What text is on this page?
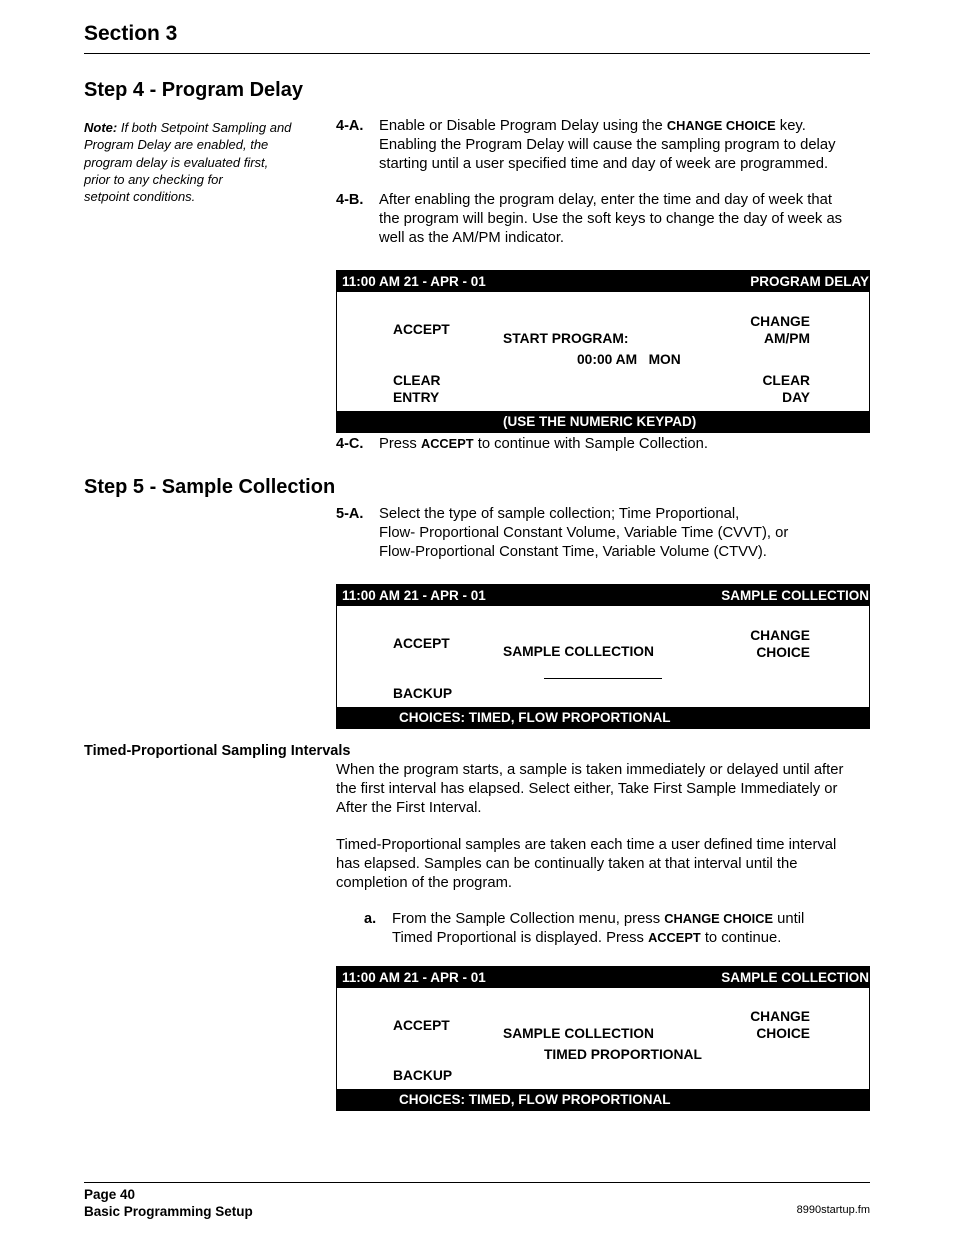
Section 3
Step 4 - Program Delay
Note: If both Setpoint Sampling and
Program Delay are enabled, the
program delay is evaluated first,
prior to any checking for
setpoint conditions.
4-A. Enable or Disable Program Delay using the CHANGE CHOICE key.
Enabling the Program Delay will cause the sampling program to delay
starting until a user specified time and day of week are programmed.
4-B. After enabling the program delay, enter the time and day of week that
the program will begin. Use the soft keys to change the day of week as
well as the AM/PM indicator.
11:00 AM 21 - APR - 01	PROGRAM DELAY
ACCEPT
CLEAR
ENTRY
CHANGE
AM/PM
CLEAR
DAY
START PROGRAM:
00:00 AM   MON
(USE THE NUMERIC KEYPAD)
4-C. Press ACCEPT to continue with Sample Collection.
Step 5 - Sample Collection
5-A. Select the type of sample collection; Time Proportional,
Flow- Proportional Constant Volume, Variable Time (CVVT), or
Flow-Proportional Constant Time, Variable Volume (CTVV).
11:00 AM 21 - APR - 01	SAMPLE COLLECTION
ACCEPT
BACKUP
CHANGE
CHOICE
SAMPLE COLLECTION
CHOICES: TIMED, FLOW PROPORTIONAL
Timed-Proportional Sampling Intervals
When the program starts, a sample is taken immediately or delayed until after
the first interval has elapsed. Select either, Take First Sample Immediately or
After the First Interval.
Timed-Proportional samples are taken each time a user defined time interval
has elapsed. Samples can be continually taken at that interval until the
completion of the program.
a. From the Sample Collection menu, press CHANGE CHOICE until
Timed Proportional is displayed. Press ACCEPT to continue.
11:00 AM 21 - APR - 01	SAMPLE COLLECTION
ACCEPT
BACKUP
CHANGE
CHOICE
SAMPLE COLLECTION
TIMED PROPORTIONAL
CHOICES: TIMED, FLOW PROPORTIONAL
Page 40
Basic Programming Setup	8990startup.fm
